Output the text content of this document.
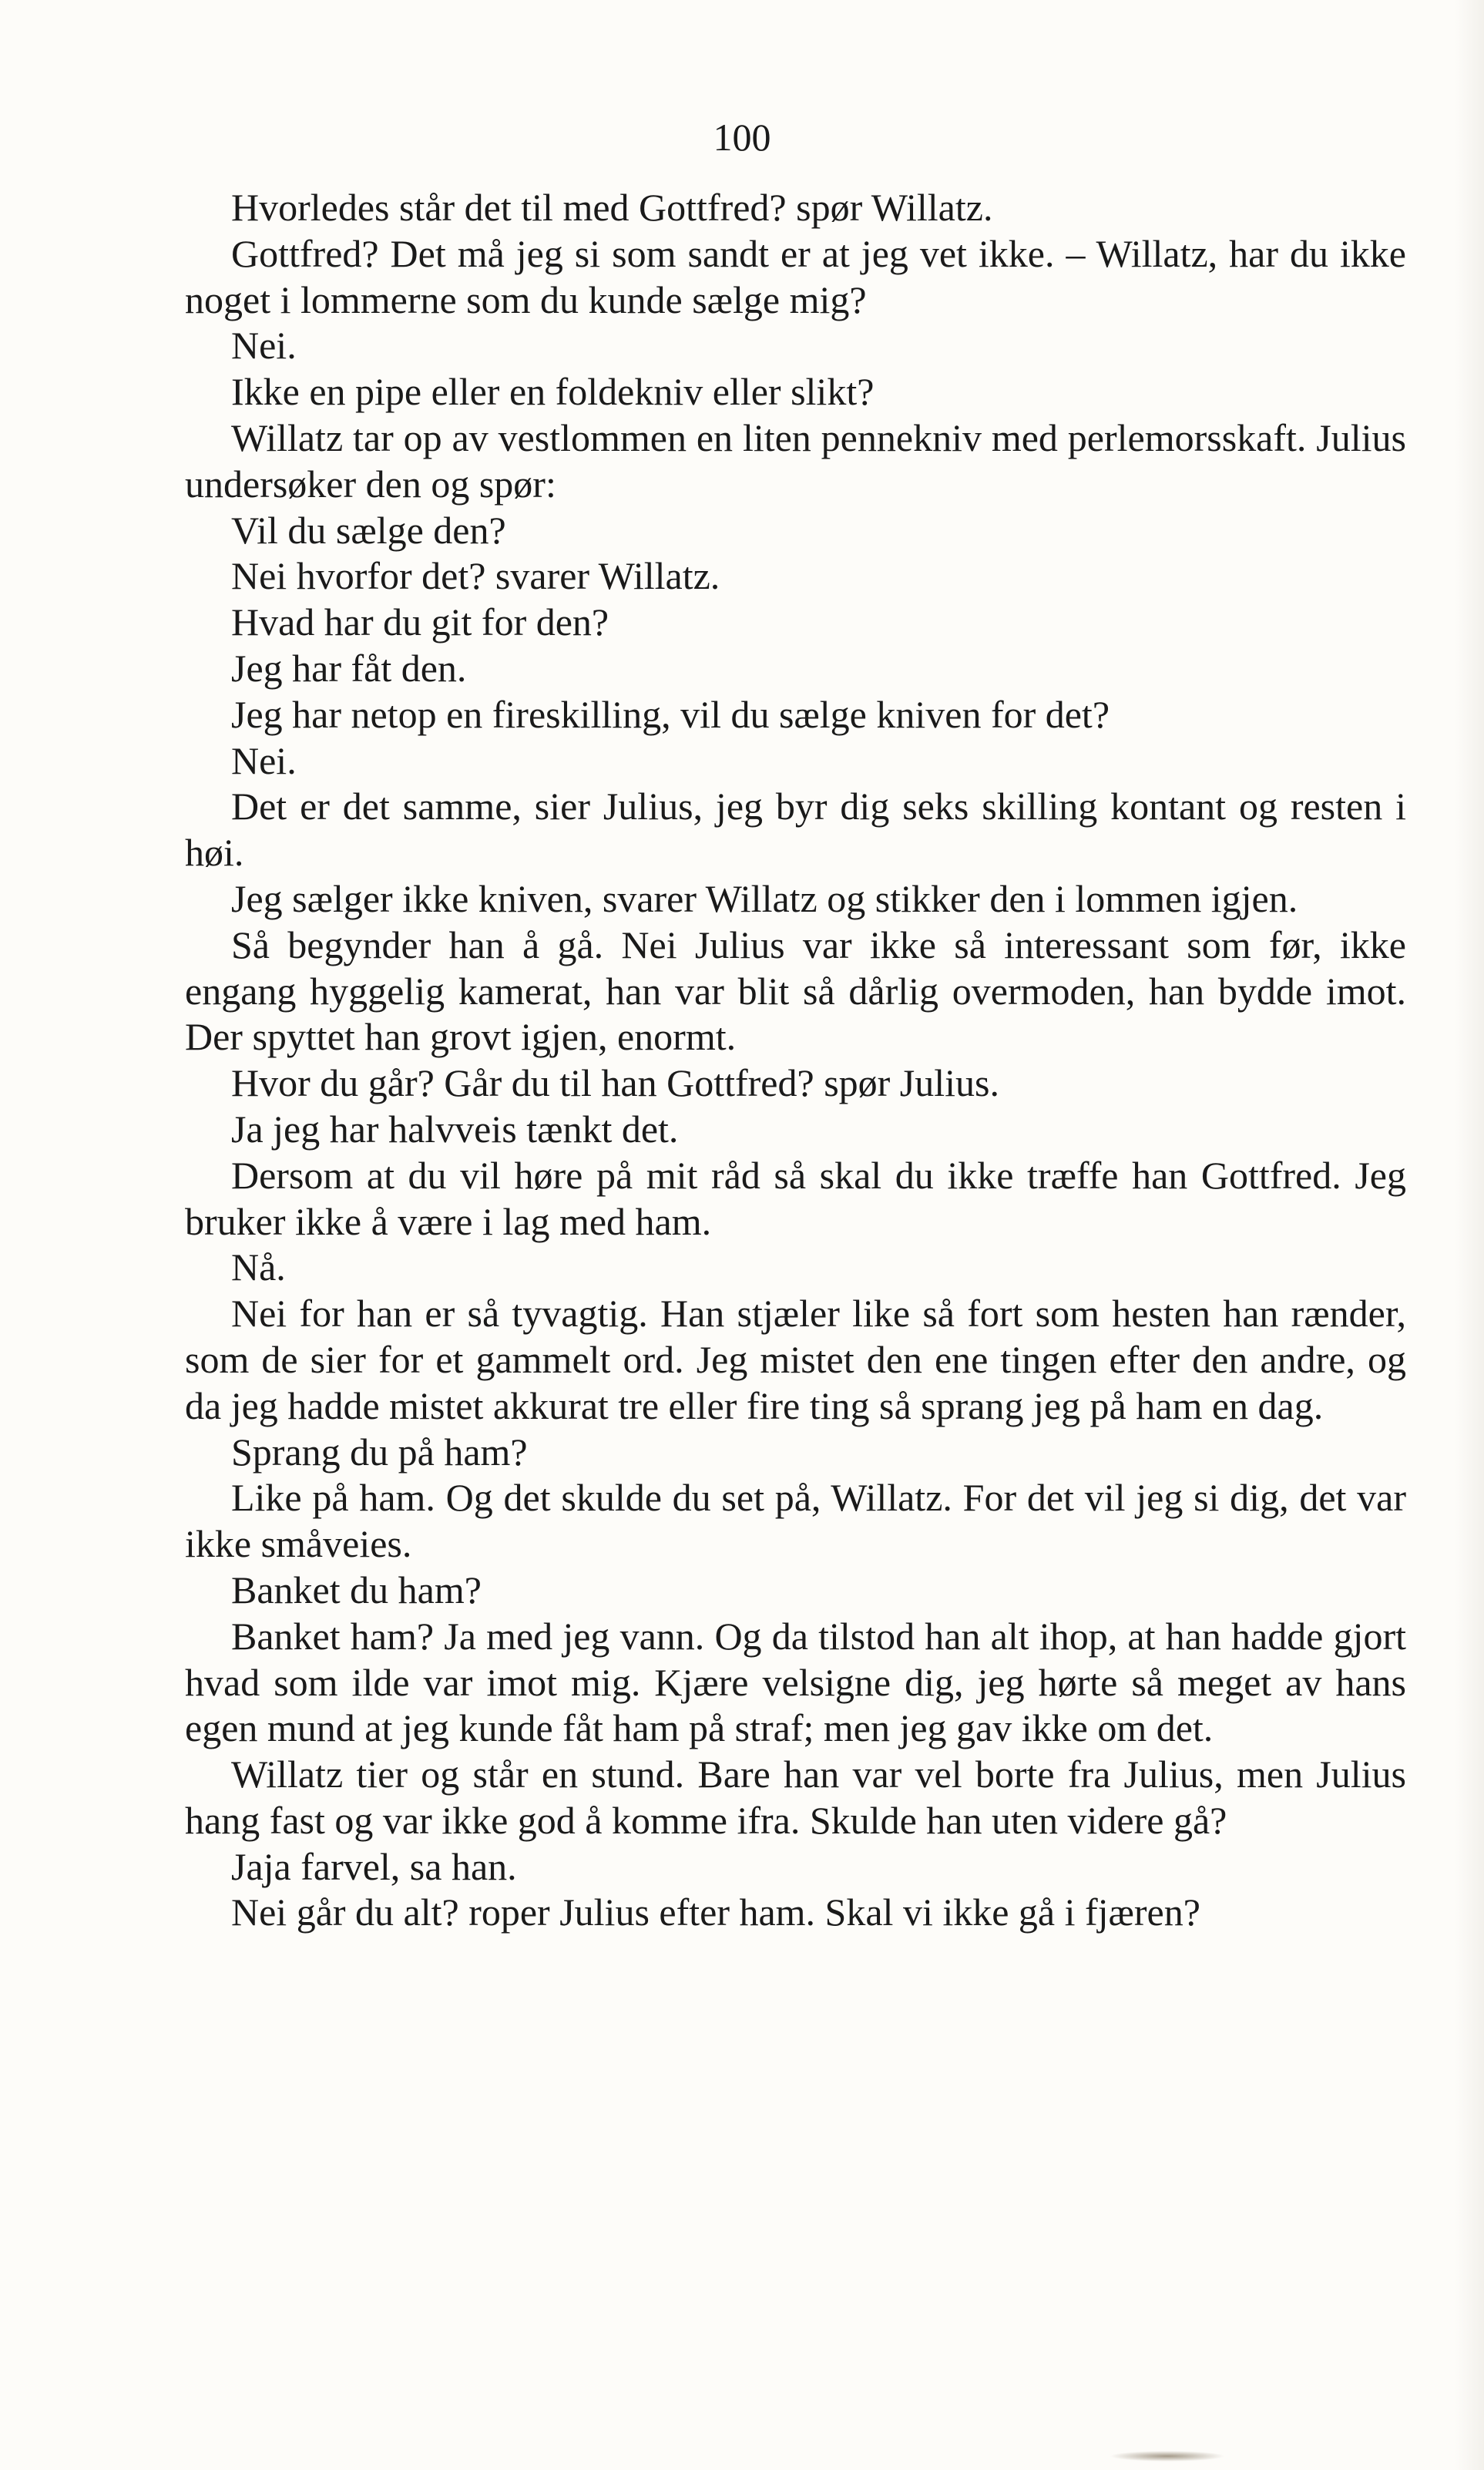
100

Hvorledes står det til med Gottfred? spør Willatz.

Gottfred? Det må jeg si som sandt er at jeg vet ikke. – Willatz, har du ikke noget i lommerne som du kunde sælge mig?

Nei.

Ikke en pipe eller en foldekniv eller slikt?

Willatz tar op av vestlommen en liten pennekniv med perlemorsskaft. Julius undersøker den og spør:

Vil du sælge den?

Nei hvorfor det? svarer Willatz.

Hvad har du git for den?

Jeg har fåt den.

Jeg har netop en fireskilling, vil du sælge kniven for det?

Nei.

Det er det samme, sier Julius, jeg byr dig seks skilling kontant og resten i høi.

Jeg sælger ikke kniven, svarer Willatz og stikker den i lommen igjen.

Så begynder han å gå. Nei Julius var ikke så interessant som før, ikke engang hyggelig kamerat, han var blit så dårlig overmoden, han bydde imot. Der spyttet han grovt igjen, enormt.

Hvor du går? Går du til han Gottfred? spør Julius.

Ja jeg har halvveis tænkt det.

Dersom at du vil høre på mit råd så skal du ikke træffe han Gottfred. Jeg bruker ikke å være i lag med ham.

Nå.

Nei for han er så tyvagtig. Han stjæler like så fort som hesten han rænder, som de sier for et gammelt ord. Jeg mistet den ene tingen efter den andre, og da jeg hadde mistet akkurat tre eller fire ting så sprang jeg på ham en dag.

Sprang du på ham?

Like på ham. Og det skulde du set på, Willatz. For det vil jeg si dig, det var ikke småveies.

Banket du ham?

Banket ham? Ja med jeg vann. Og da tilstod han alt ihop, at han hadde gjort hvad som ilde var imot mig. Kjære velsigne dig, jeg hørte så meget av hans egen mund at jeg kunde fåt ham på straf; men jeg gav ikke om det.

Willatz tier og står en stund. Bare han var vel borte fra Julius, men Julius hang fast og var ikke god å komme ifra. Skulde han uten videre gå?

Jaja farvel, sa han.

Nei går du alt? roper Julius efter ham. Skal vi ikke gå i fjæren?
